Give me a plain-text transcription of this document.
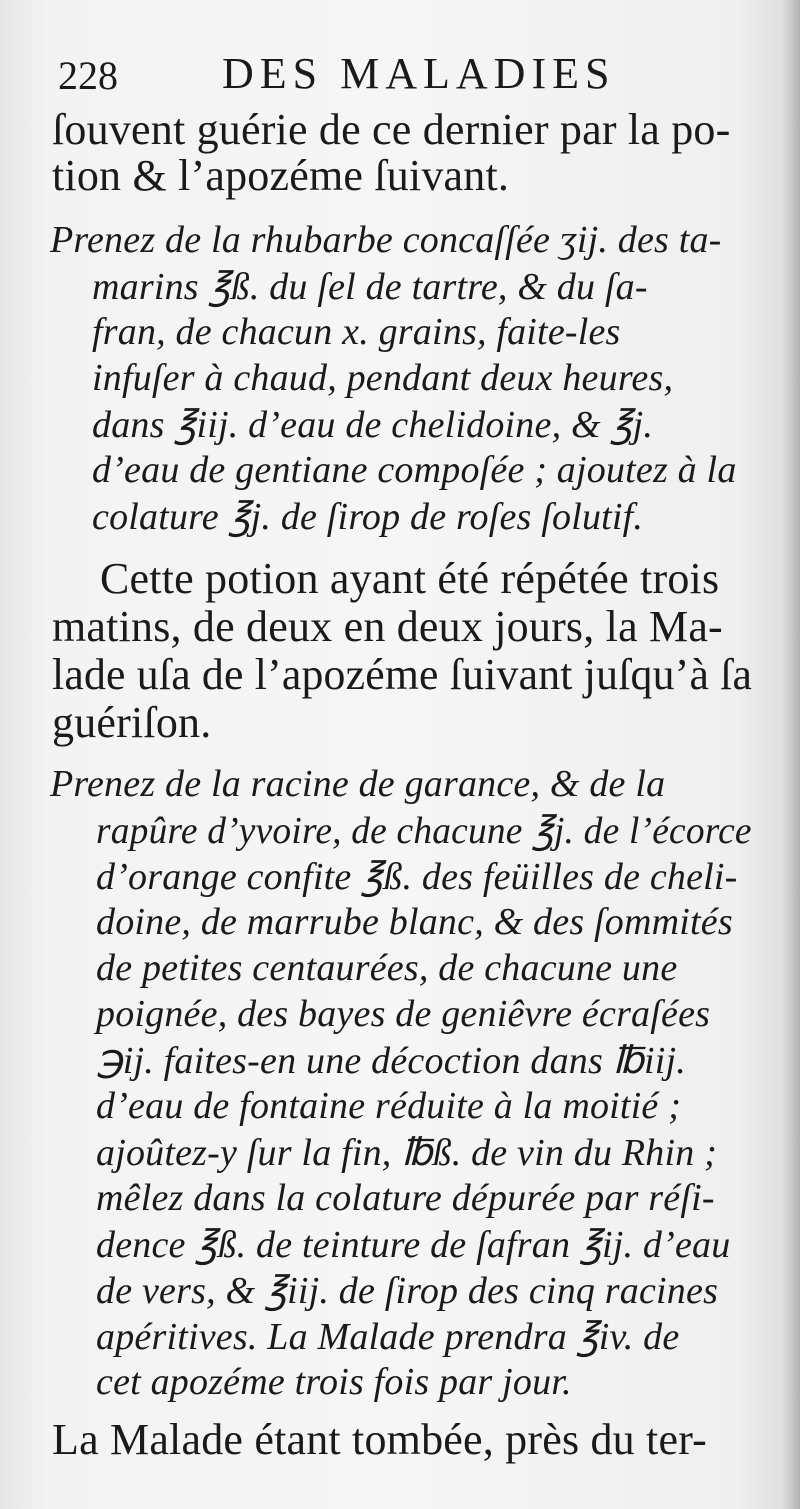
228 DES MALADIES
ſouvent guérie de ce dernier par la po-
tion & l’apozéme ſuivant.
Prenez de la rhubarbe concaſſée ʒij. des ta-
marins ℥ß. du ſel de tartre, & du ſa-
fran, de chacun x. grains, faite-les
infuſer à chaud, pendant deux heures,
dans ℥iij. d’eau de chelidoine, & ℥j.
d’eau de gentiane compoſée ; ajoutez à la
colature ℥j. de ſirop de roſes ſolutif.
Cette potion ayant été répétée trois
matins, de deux en deux jours, la Ma-
lade uſa de l’apozéme ſuivant juſqu’à ſa
guériſon.
Prenez de la racine de garance, & de la
rapûre d’yvoire, de chacune ℥j. de l’écorce
d’orange confite ℥ß. des feüilles de cheli-
doine, de marrube blanc, & des ſommités
de petites centaurées, de chacune une
poignée, des bayes de geniêvre écraſées
℈ij. faites-en une décoction dans ℔iij.
d’eau de fontaine réduite à la moitié ;
ajoûtez-y ſur la fin, ℔ß. de vin du Rhin ;
mêlez dans la colature dépurée par réſi-
dence ℥ß. de teinture de ſafran ℥ij. d’eau
de vers, & ℥iij. de ſirop des cinq racines
apéritives. La Malade prendra ℥iv. de
cet apozéme trois fois par jour.
La Malade étant tombée, près du ter-
